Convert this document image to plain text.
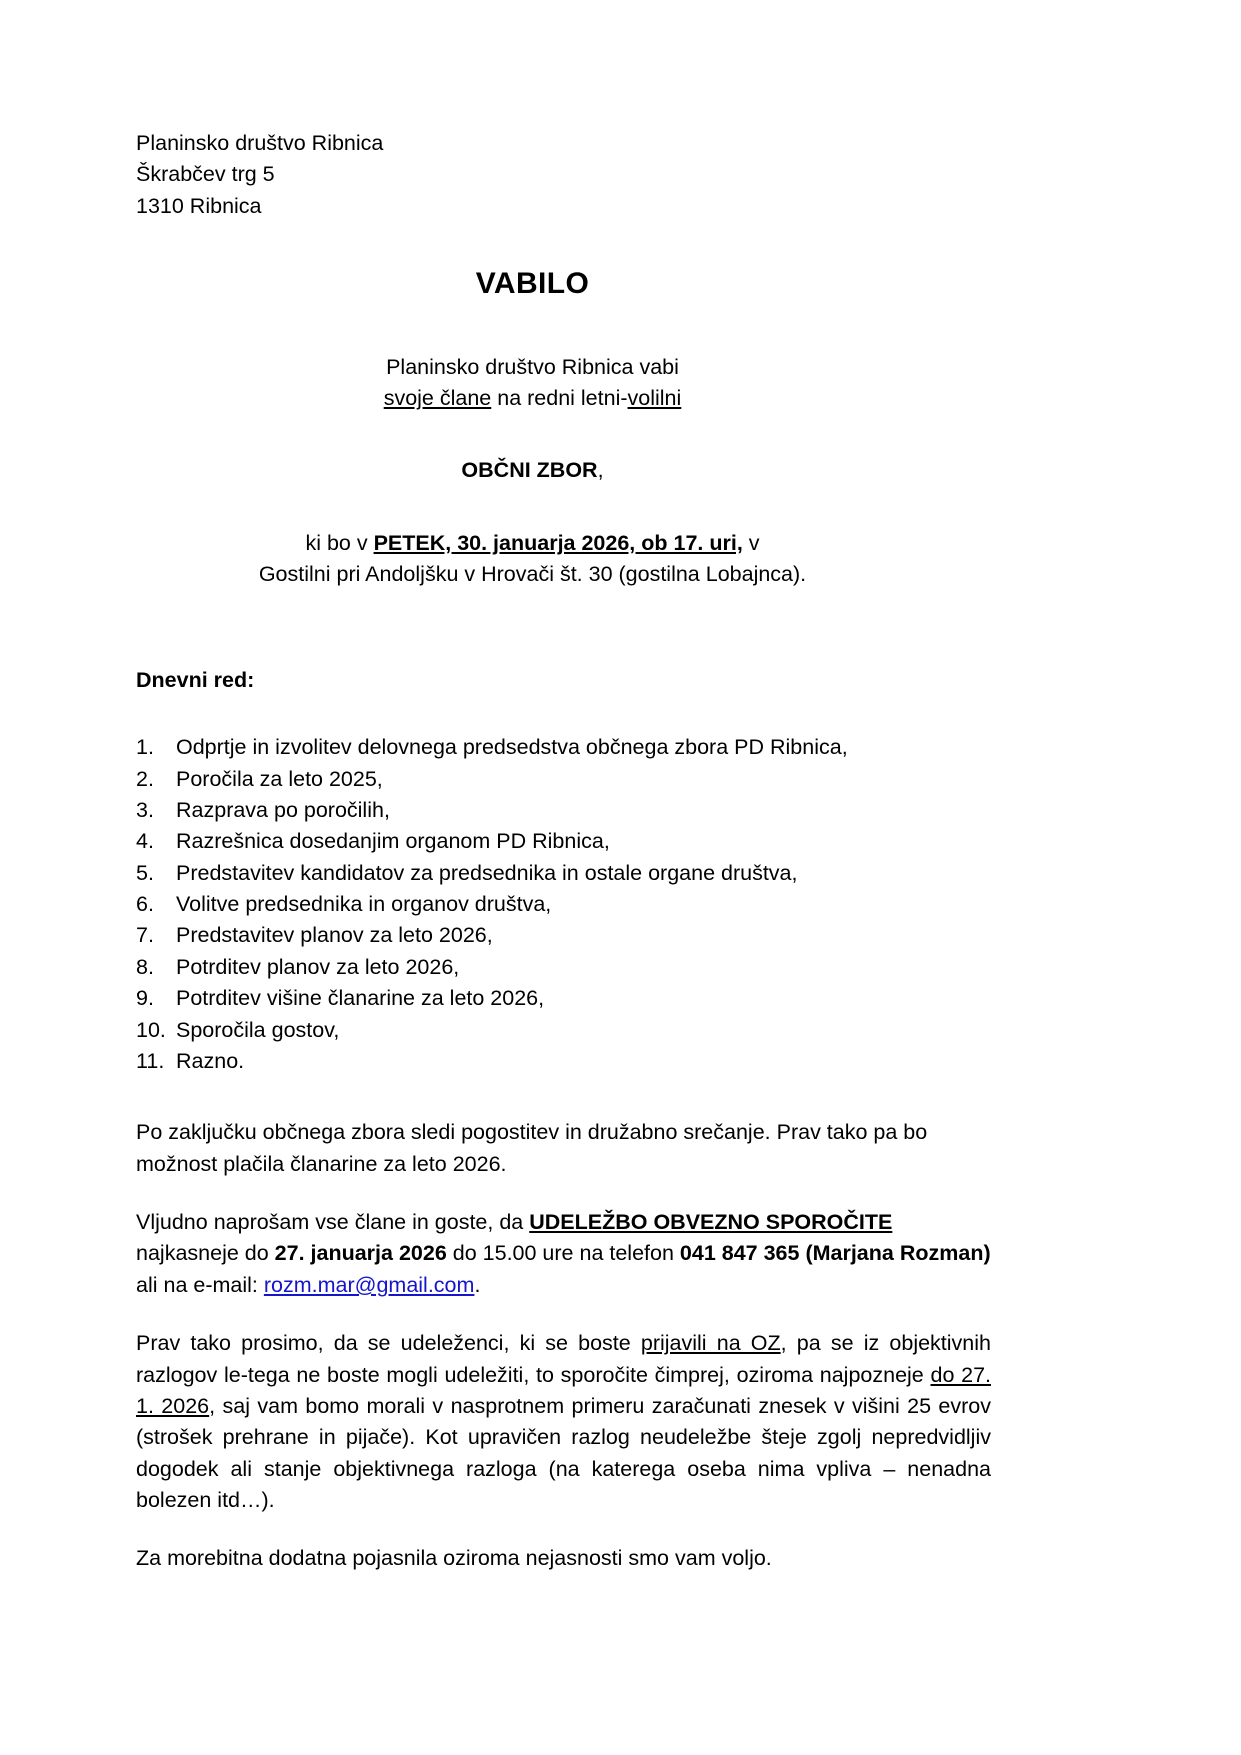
Planinsko društvo Ribnica
Škrabčev trg 5
1310 Ribnica
VABILO
Planinsko društvo Ribnica vabi
svoje člane na redni letni-volilni
OBČNI ZBOR,
ki bo v PETEK, 30. januarja 2026, ob 17. uri, v
Gostilni pri Andoljšku v Hrovači št. 30 (gostilna Lobajnca).
Dnevni red:
1.	Odprtje in izvolitev delovnega predsedstva občnega zbora PD Ribnica,
2.	Poročila za leto 2025,
3.	Razprava po poročilih,
4.	Razrešnica dosedanjim organom PD Ribnica,
5.	Predstavitev kandidatov za predsednika in ostale organe društva,
6.	Volitve predsednika in organov društva,
7.	Predstavitev planov za leto 2026,
8.	Potrditev planov za leto 2026,
9.	Potrditev višine članarine za leto 2026,
10. Sporočila gostov,
11. Razno.

Po zaključku občnega zbora sledi pogostitev in družabno srečanje. Prav tako pa bo možnost plačila članarine za leto 2026.

Vljudno naprošam vse člane in goste, da UDELEŽBO OBVEZNO SPOROČITE najkasneje do 27. januarja 2026 do 15.00 ure na telefon 041 847 365 (Marjana Rozman) ali na e-mail: rozm.mar@gmail.com.

Prav tako prosimo, da se udeleženci, ki se boste prijavili na OZ, pa se iz objektivnih razlogov le-tega ne boste mogli udeležiti, to sporočite čimprej, oziroma najpozneje do 27. 1. 2026, saj vam bomo morali v nasprotnem primeru zaračunati znesek v višini 25 evrov (strošek prehrane in pijače). Kot upravičen razlog neudeležbe šteje zgolj nepredvidljiv dogodek ali stanje objektivnega razloga (na katerega oseba nima vpliva – nenadna bolezen itd…).

Za morebitna dodatna pojasnila oziroma nejasnosti smo vam voljo.
